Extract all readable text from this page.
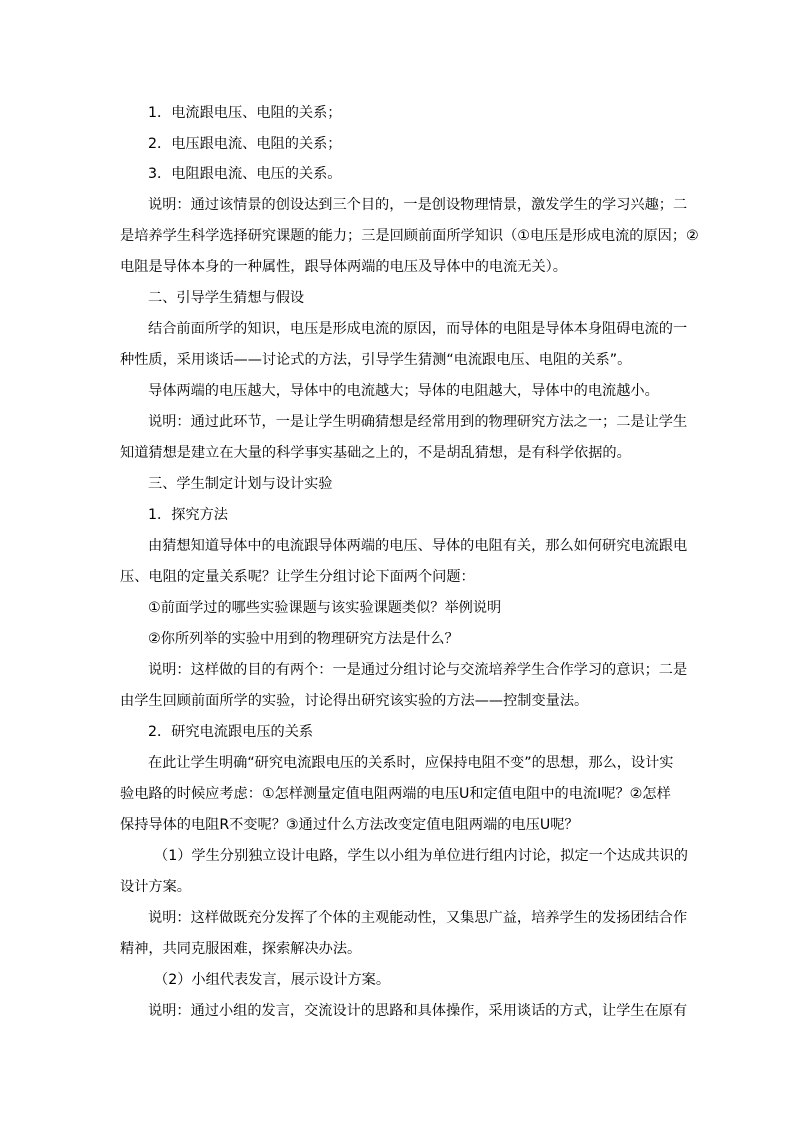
1．电流跟电压、电阻的关系；
2．电压跟电流、电阻的关系；
3．电阻跟电流、电压的关系。
说明：通过该情景的创设达到三个目的，一是创设物理情景，激发学生的学习兴趣；二
是培养学生科学选择研究课题的能力；三是回顾前面所学知识（①电压是形成电流的原因；②
电阻是导体本身的一种属性，跟导体两端的电压及导体中的电流无关）。
二、引导学生猜想与假设
结合前面所学的知识，电压是形成电流的原因，而导体的电阻是导体本身阻碍电流的一
种性质，采用谈话——讨论式的方法，引导学生猜测“电流跟电压、电阻的关系”。
导体两端的电压越大，导体中的电流越大；导体的电阻越大，导体中的电流越小。
说明：通过此环节，一是让学生明确猜想是经常用到的物理研究方法之一；二是让学生
知道猜想是建立在大量的科学事实基础之上的，不是胡乱猜想，是有科学依据的。
三、学生制定计划与设计实验
1．探究方法
由猜想知道导体中的电流跟导体两端的电压、导体的电阻有关，那么如何研究电流跟电
压、电阻的定量关系呢？让学生分组讨论下面两个问题：
①前面学过的哪些实验课题与该实验课题类似？举例说明
②你所列举的实验中用到的物理研究方法是什么？
说明：这样做的目的有两个：一是通过分组讨论与交流培养学生合作学习的意识；二是
由学生回顾前面所学的实验，讨论得出研究该实验的方法——控制变量法。
2．研究电流跟电压的关系
在此让学生明确“研究电流跟电压的关系时，应保持电阻不变”的思想，那么，设计实
验电路的时候应考虑：①怎样测量定值电阻两端的电压U和定值电阻中的电流I呢？②怎样
保持导体的电阻R不变呢？③通过什么方法改变定值电阻两端的电压U呢？
（1）学生分别独立设计电路，学生以小组为单位进行组内讨论，拟定一个达成共识的
设计方案。
说明：这样做既充分发挥了个体的主观能动性，又集思广益，培养学生的发扬团结合作
精神，共同克服困难，探索解决办法。
（2）小组代表发言，展示设计方案。
说明：通过小组的发言，交流设计的思路和具体操作，采用谈话的方式，让学生在原有
